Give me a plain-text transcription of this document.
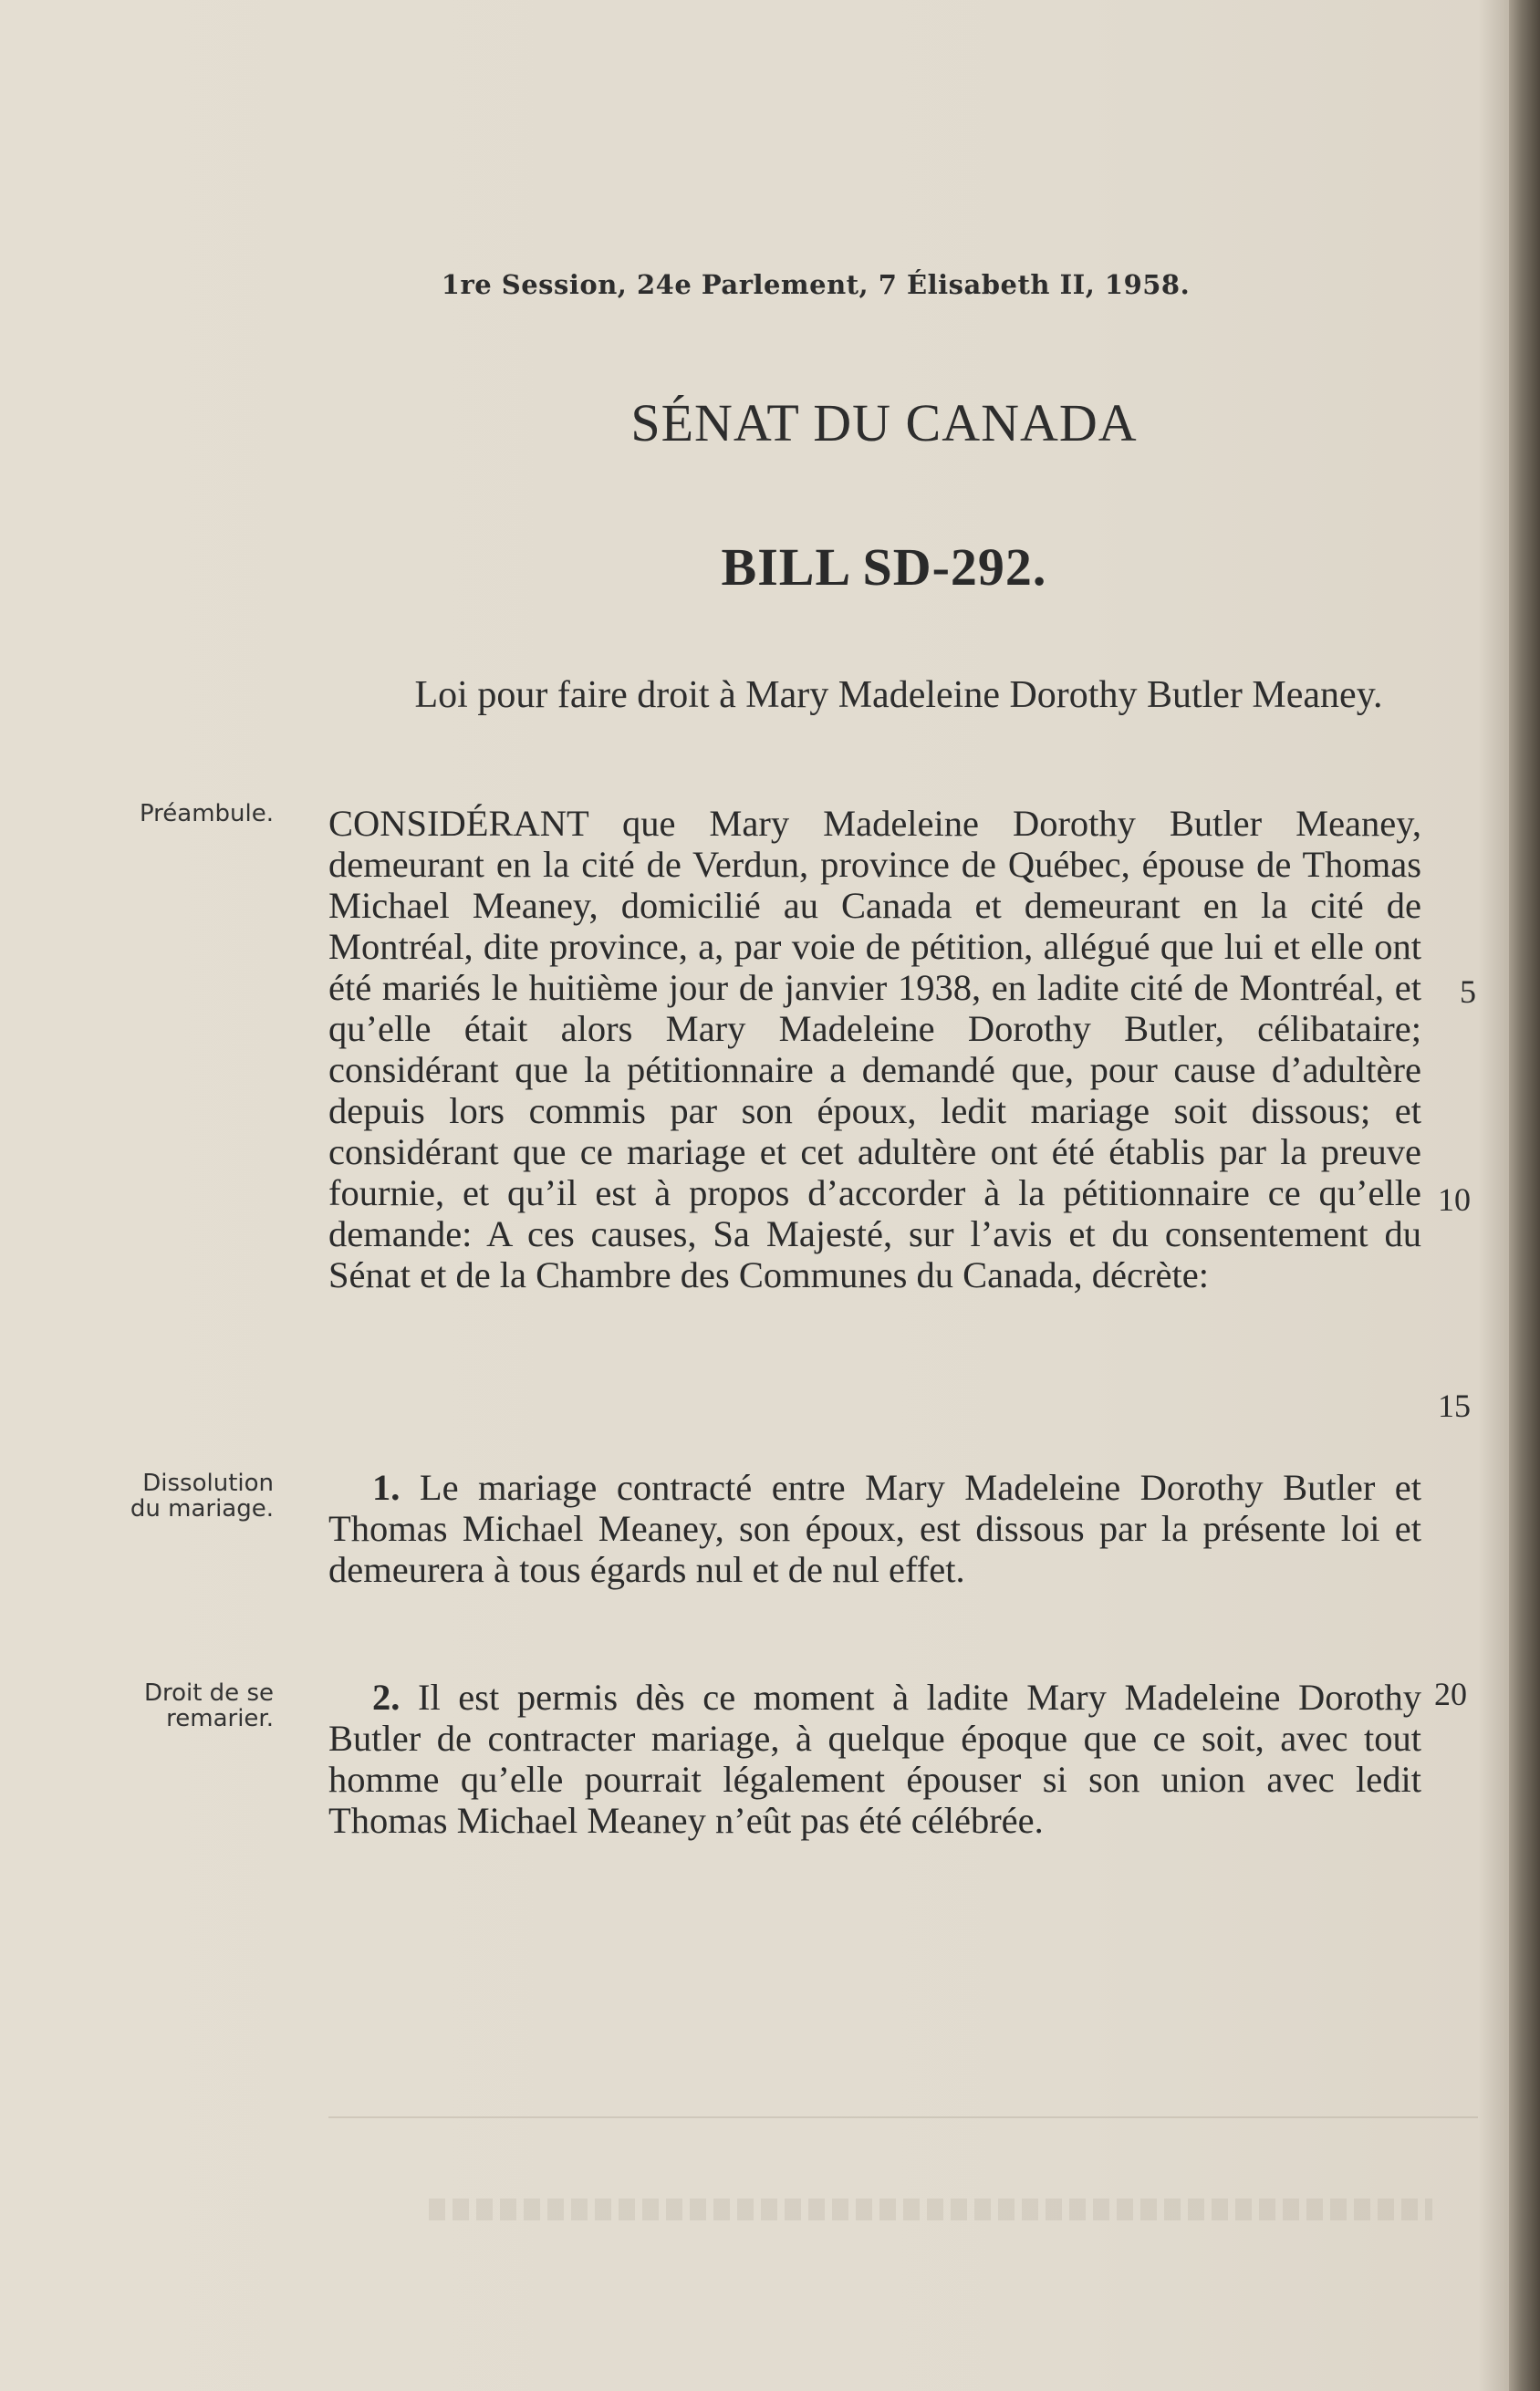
1re Session, 24e Parlement, 7 Élisabeth II, 1958.
SÉNAT DU CANADA
BILL SD-292.
Loi pour faire droit à Mary Madeleine Dorothy Butler Meaney.
Préambule. CONSIDÉRANT que Mary Madeleine Dorothy Butler Meaney, demeurant en la cité de Verdun, province de Québec, épouse de Thomas Michael Meaney, domicilié au Canada et demeurant en la cité de Montréal, dite province, a, par voie de pétition, allégué que lui et elle ont été mariés le huitième jour de janvier 1938, en ladite cité de Montréal, et qu’elle était alors Mary Madeleine Dorothy Butler, célibataire; considérant que la pétitionnaire a demandé que, pour cause d’adultère depuis lors commis par son époux, ledit mariage soit dissous; et considérant que ce mariage et cet adultère ont été établis par la preuve fournie, et qu’il est à propos d’accorder à la pétitionnaire ce qu’elle demande: A ces causes, Sa Majesté, sur l’avis et du consentement du Sénat et de la Chambre des Communes du Canada, décrète:
5
10
15
Dissolution
du mariage.
1. Le mariage contracté entre Mary Madeleine Dorothy Butler et Thomas Michael Meaney, son époux, est dissous par la présente loi et demeurera à tous égards nul et de nul effet.
Droit de se
remarier.
2. Il est permis dès ce moment à ladite Mary Madeleine Dorothy Butler de contracter mariage, à quelque époque que ce soit, avec tout homme qu’elle pourrait légalement épouser si son union avec ledit Thomas Michael Meaney n’eût pas été célébrée.
20
